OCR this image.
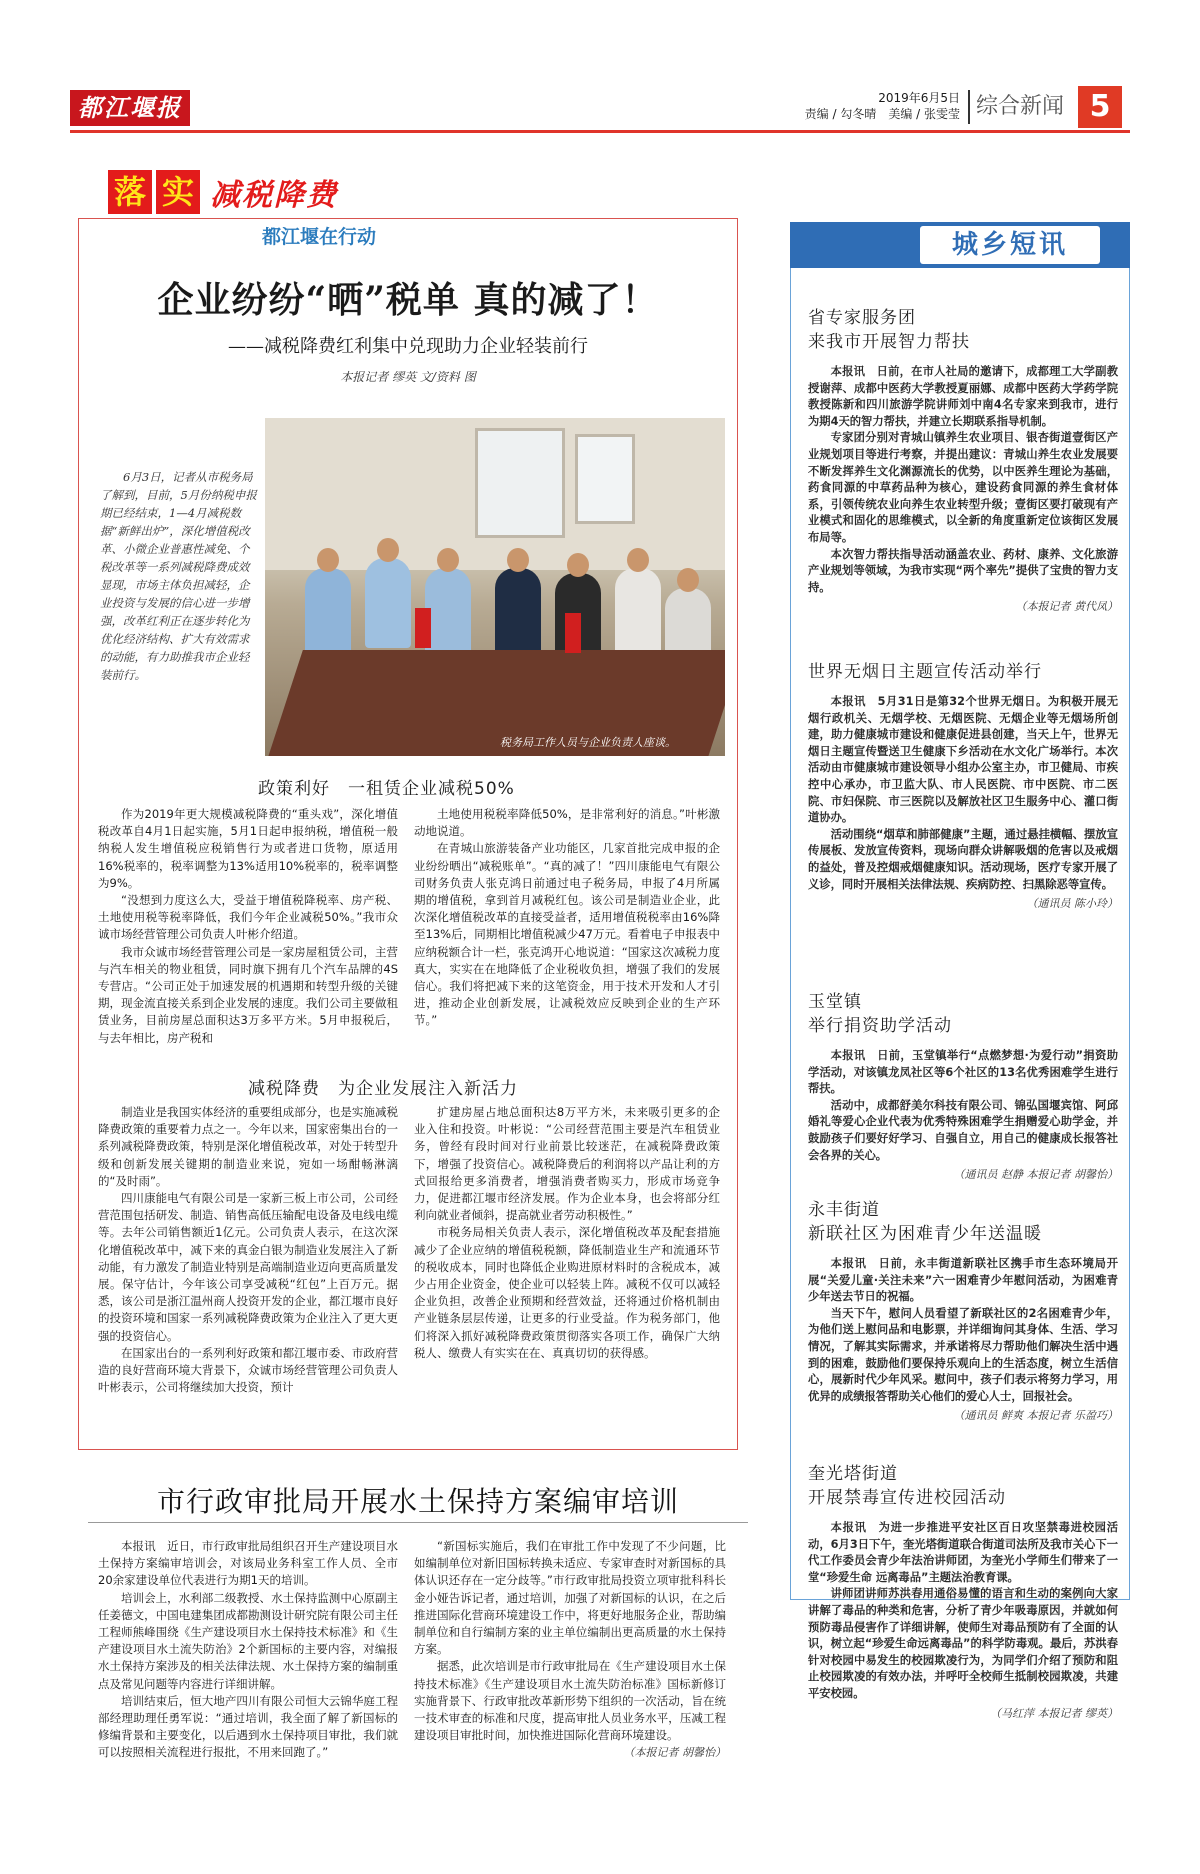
都江堰报	2019年6月5日
责编 / 勾冬晴　美编 / 张雯莹 综合新闻 5
落 实 减税降费
都江堰在行动
企业纷纷“晒”税单 真的减了！
——减税降费红利集中兑现助力企业轻装前行
本报记者 缪英 文/资料 图
6月3日，记者从市税务局了解到，目前，5月份纳税申报期已经结束，1—4月减税数据“新鲜出炉”，深化增值税改革、小微企业普惠性减免、个税改革等一系列减税降费成效显现，市场主体负担减轻，企业投资与发展的信心进一步增强，改革红利正在逐步转化为优化经济结构、扩大有效需求的动能，有力助推我市企业轻装前行。
税务局工作人员与企业负责人座谈。
政策利好　一租赁企业减税50%

作为2019年更大规模减税降费的“重头戏”，深化增值税改革自4月1日起实施，5月1日起申报纳税，增值税一般纳税人发生增值税应税销售行为或者进口货物，原适用16%税率的，税率调整为13%适用10%税率的，税率调整为9%。

“没想到力度这么大，受益于增值税降税率、房产税、土地使用税等税率降低，我们今年企业减税50%。”我市众诚市场经营管理公司负责人叶彬介绍道。

我市众诚市场经营管理公司是一家房屋租赁公司，主营与汽车相关的物业租赁，同时旗下拥有几个汽车品牌的4S专营店。“公司正处于加速发展的机遇期和转型升级的关键期，现金流直接关系到企业发展的速度。我们公司主要做租赁业务，目前房屋总面积达3万多平方米。5月申报税后，与去年相比，房产税和

土地使用税税率降低50%，是非常利好的消息。”叶彬激动地说道。

在青城山旅游装备产业功能区，几家首批完成申报的企业纷纷晒出“减税账单”。“真的减了！”四川康能电气有限公司财务负责人张克鸿日前通过电子税务局，申报了4月所属期的增值税，拿到首月减税红包。该公司是制造业企业，此次深化增值税改革的直接受益者，适用增值税税率由16%降至13%后，同期相比增值税减少47万元。看着电子申报表中应纳税额合计一栏，张克鸿开心地说道：“国家这次减税力度真大，实实在在地降低了企业税收负担，增强了我们的发展信心。我们将把减下来的这笔资金，用于技术开发和人才引进，推动企业创新发展，让减税效应反映到企业的生产环节。”

减税降费　为企业发展注入新活力

制造业是我国实体经济的重要组成部分，也是实施减税降费政策的重要着力点之一。今年以来，国家密集出台的一系列减税降费政策，特别是深化增值税改革，对处于转型升级和创新发展关键期的制造业来说，宛如一场酣畅淋漓的“及时雨”。

四川康能电气有限公司是一家新三板上市公司，公司经营范围包括研发、制造、销售高低压输配电设备及电线电缆等。去年公司销售额近1亿元。公司负责人表示，在这次深化增值税改革中，减下来的真金白银为制造业发展注入了新动能，有力激发了制造业特别是高端制造业迈向更高质量发展。保守估计，今年该公司享受减税“红包”上百万元。据悉，该公司是浙江温州商人投资开发的企业，都江堰市良好的投资环境和国家一系列减税降费政策为企业注入了更大更强的投资信心。

在国家出台的一系列利好政策和都江堰市委、市政府营造的良好营商环境大背景下，众诚市场经营管理公司负责人叶彬表示，公司将继续加大投资，预计

扩建房屋占地总面积达8万平方米，未来吸引更多的企业入住和投资。叶彬说：“公司经营范围主要是汽车租赁业务，曾经有段时间对行业前景比较迷茫，在减税降费政策下，增强了投资信心。减税降费后的利润将以产品让利的方式回报给更多消费者，增强消费者购买力，形成市场竞争力，促进都江堰市经济发展。作为企业本身，也会将部分红利向就业者倾斜，提高就业者劳动积极性。”

市税务局相关负责人表示，深化增值税改革及配套措施减少了企业应纳的增值税税额，降低制造业生产和流通环节的税收成本，同时也降低企业购进原材料时的含税成本，减少占用企业资金，使企业可以轻装上阵。减税不仅可以减轻企业负担，改善企业预期和经营效益，还将通过价格机制由产业链条层层传递，让更多的行业受益。作为税务部门，他们将深入抓好减税降费政策贯彻落实各项工作，确保广大纳税人、缴费人有实实在在、真真切切的获得感。

市行政审批局开展水土保持方案编审培训

本报讯　近日，市行政审批局组织召开生产建设项目水土保持方案编审培训会，对该局业务科室工作人员、全市20余家建设单位代表进行为期1天的培训。

培训会上，水利部二级教授、水土保持监测中心原副主任姜德文，中国电建集团成都勘测设计研究院有限公司主任工程师熊峰围绕《生产建设项目水土保持技术标准》和《生产建设项目水土流失防治》2个新国标的主要内容，对编报水土保持方案涉及的相关法律法规、水土保持方案的编制重点及常见问题等内容进行详细讲解。

培训结束后，恒大地产四川有限公司恒大云锦华庭工程部经理助理任勇军说：“通过培训，我全面了解了新国标的修编背景和主要变化，以后遇到水土保持项目审批，我们就可以按照相关流程进行报批，不用来回跑了。”

“新国标实施后，我们在审批工作中发现了不少问题，比如编制单位对新旧国标转换未适应、专家审查时对新国标的具体认识还存在一定分歧等。”市行政审批局投资立项审批科科长金小娅告诉记者，通过培训，加强了对新国标的认识，在之后推进国际化营商环境建设工作中，将更好地服务企业，帮助编制单位和自行编制方案的业主单位编制出更高质量的水土保持方案。

据悉，此次培训是市行政审批局在《生产建设项目水土保持技术标准》《生产建设项目水土流失防治标准》国标新修订实施背景下、行政审批改革新形势下组织的一次活动，旨在统一技术审查的标准和尺度，提高审批人员业务水平，压减工程建设项目审批时间，加快推进国际化营商环境建设。

（本报记者 胡馨怡）
城乡短讯
省专家服务团
来我市开展智力帮扶

本报讯　日前，在市人社局的邀请下，成都理工大学副教授谢萍、成都中医药大学教授夏丽娜、成都中医药大学药学院教授陈新和四川旅游学院讲师刘中南4名专家来到我市，进行为期4天的智力帮扶，并建立长期联系指导机制。

专家团分别对青城山镇养生农业项目、银杏街道壹街区产业规划项目等进行考察，并提出建议：青城山养生农业发展要不断发挥养生文化渊源流长的优势，以中医养生理论为基础，药食同源的中草药品种为核心，建设药食同源的养生食材体系，引领传统农业向养生农业转型升级；壹街区要打破现有产业模式和固化的思维模式，以全新的角度重新定位该街区发展布局等。

本次智力帮扶指导活动涵盖农业、药材、康养、文化旅游产业规划等领域，为我市实现“两个率先”提供了宝贵的智力支持。

（本报记者 黄代凤）
世界无烟日主题宣传活动举行

本报讯　5月31日是第32个世界无烟日。为积极开展无烟行政机关、无烟学校、无烟医院、无烟企业等无烟场所创建，助力健康城市建设和健康促进县创建，当天上午，世界无烟日主题宣传暨送卫生健康下乡活动在水文化广场举行。本次活动由市健康城市建设领导小组办公室主办，市卫健局、市疾控中心承办，市卫监大队、市人民医院、市中医院、市二医院、市妇保院、市三医院以及解放社区卫生服务中心、灌口街道协办。

活动围绕“烟草和肺部健康”主题，通过悬挂横幅、摆放宣传展板、发放宣传资料，现场向群众讲解吸烟的危害以及戒烟的益处，普及控烟戒烟健康知识。活动现场，医疗专家开展了义诊，同时开展相关法律法规、疾病防控、扫黑除恶等宣传。

（通讯员 陈小玲）
玉堂镇
举行捐资助学活动

本报讯　日前，玉堂镇举行“点燃梦想·为爱行动”捐资助学活动，对该镇龙凤社区等6个社区的13名优秀困难学生进行帮扶。

活动中，成都舒美尔科技有限公司、锦弘国堰宾馆、阿邱婚礼等爱心企业代表为优秀特殊困难学生捐赠爱心助学金，并鼓励孩子们要好好学习、自强自立，用自己的健康成长报答社会各界的关心。

（通讯员 赵静 本报记者 胡馨怡）
永丰街道
新联社区为困难青少年送温暖

本报讯　日前，永丰街道新联社区携手市生态环境局开展“关爱儿童·关注未来”六一困难青少年慰问活动，为困难青少年送去节日的祝福。

当天下午，慰问人员看望了新联社区的2名困难青少年，为他们送上慰问品和电影票，并详细询问其身体、生活、学习情况，了解其实际需求，并承诺将尽力帮助他们解决生活中遇到的困难，鼓励他们要保持乐观向上的生活态度，树立生活信心，展新时代少年风采。慰问中，孩子们表示将努力学习，用优异的成绩报答帮助关心他们的爱心人士，回报社会。

（通讯员 鲜爽 本报记者 乐盈巧）
奎光塔街道
开展禁毒宣传进校园活动

本报讯　为进一步推进平安社区百日攻坚禁毒进校园活动，6月3日下午，奎光塔街道联合街道司法所及我市关心下一代工作委员会青少年法治讲师团，为奎光小学师生们带来了一堂“珍爱生命 远离毒品”主题法治教育课。

讲师团讲师苏洪春用通俗易懂的语言和生动的案例向大家讲解了毒品的种类和危害，分析了青少年吸毒原因，并就如何预防毒品侵害作了详细讲解，使师生对毒品预防有了全面的认识，树立起“珍爱生命远离毒品”的科学防毒观。最后，苏洪春针对校园中易发生的校园欺凌行为，为同学们介绍了预防和阻止校园欺凌的有效办法，并呼吁全校师生抵制校园欺凌，共建平安校园。

（马红萍 本报记者 缪英）
